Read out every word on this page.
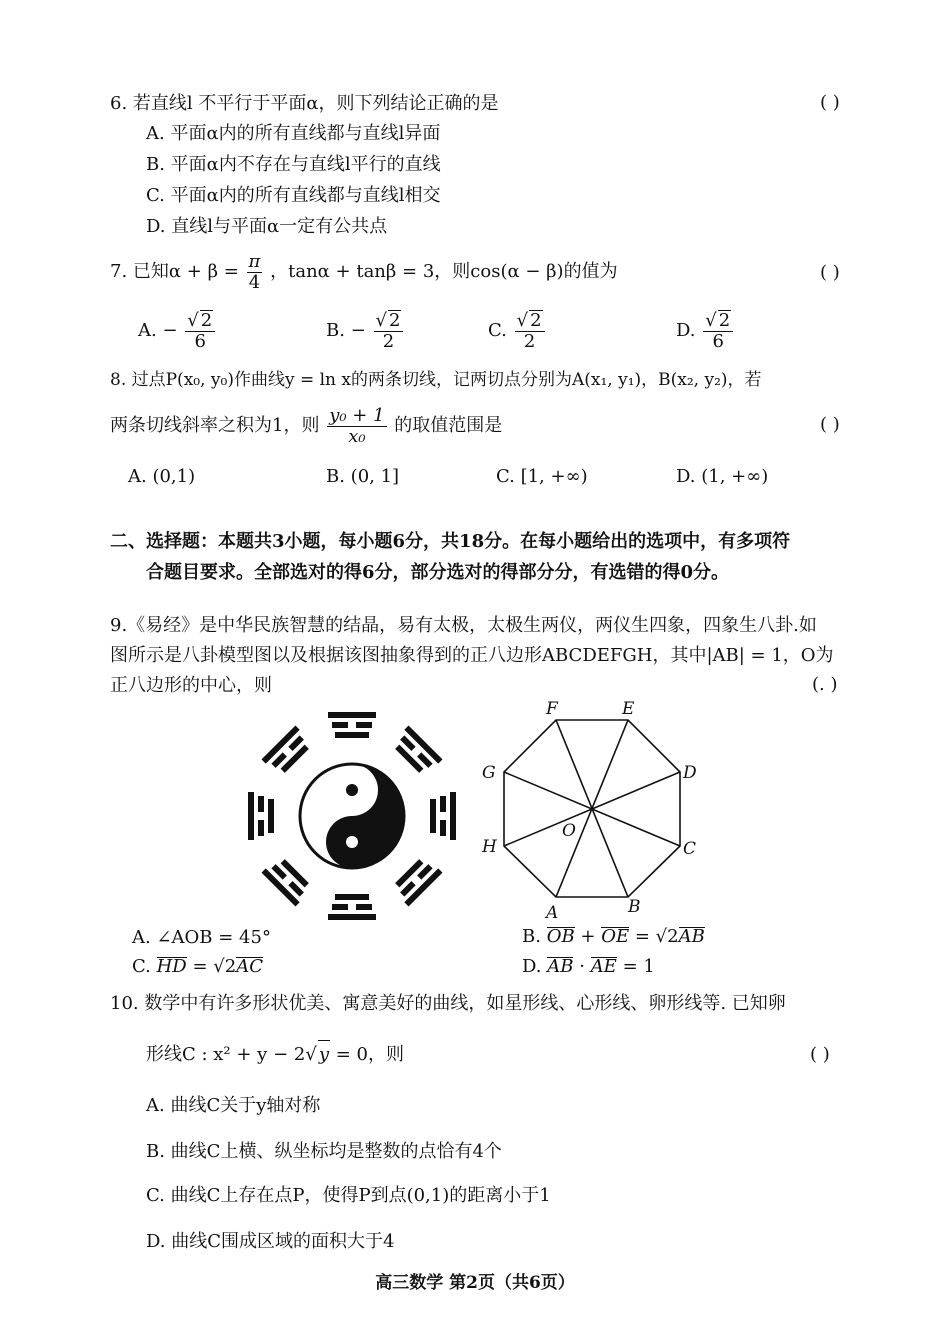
6. 若直线l 不平行于平面α，则下列结论正确的是	( )
A. 平面α内的所有直线都与直线l异面
B. 平面α内不存在与直线l平行的直线
C. 平面α内的所有直线都与直线l相交
D. 直线l与平面α一定有公共点
7. 已知$\alpha + \beta = \frac{\pi}{4}$ ，tanα + tanβ = 3，则cos(α − β)的值为	( )
A. − $\frac{√ 2}{6}$	B. − $\frac{√ 2}{2}$	C. $\frac{√ 2}{2}$	D. $\frac{√ 2}{6}$
8. 过点P(x₀, y₀)作曲线y = ln x的两条切线，记两切点分别为A(x₁, y₁)，B(x₂, y₂)，若
两条切线斜率之积为1，则 $\frac{\text{y₀ + 1}}{\text{x₀}}$ 的取值范围是	( )
A. (0,1)	B. (0, 1]	C. [1, +∞)	D. (1, +∞)
二、选择题：本题共3小题，每小题6分，共18分。在每小题给出的选项中，有多项符
合题目要求。全部选对的得6分，部分选对的得部分分，有选错的得0分。
9.《易经》是中华民族智慧的结晶，易有太极，太极生两仪，两仪生四象，四象生八卦.如
图所示是八卦模型图以及根据该图抽象得到的正八边形ABCDEFGH，其中|AB| = 1，O为
正八边形的中心，则	(. )
A	B
C
D
E
F
G
H
O
A. ∠AOB = 45°	B. OB + OE = √2AB
C. HD = √2AC	D. AB · AE = 1
10. 数学中有许多形状优美、寓意美好的曲线，如星形线、心形线、卵形线等. 已知卵
形线C : x² + y − 2√ y = 0，则	( )
A. 曲线C关于y轴对称
B. 曲线C上横、纵坐标均是整数的点恰有4个
C. 曲线C上存在点P，使得P到点(0,1)的距离小于1
D. 曲线C围成区域的面积大于4
高三数学 第2页（共6页）
